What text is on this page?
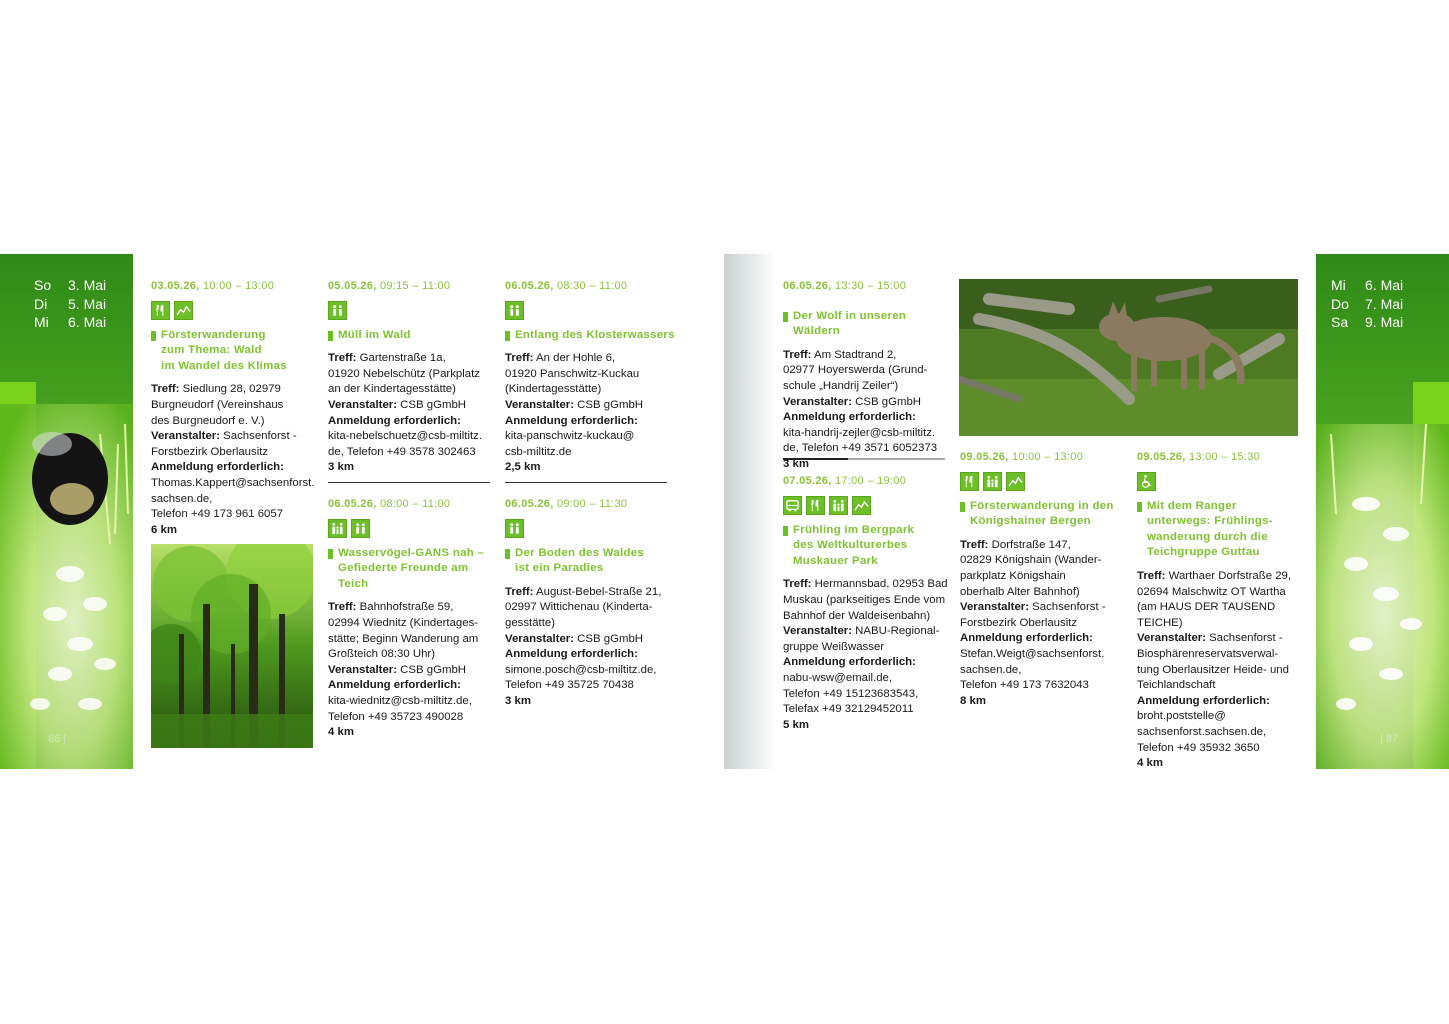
So	3. Mai
Di	5. Mai
Mi	6. Mai
86 |
Mi	6. Mai
Do	7. Mai
Sa	9. Mai
| 87
03.05.26, 10:00 – 13:00
Försterwanderung
zum Thema: Wald
im Wandel des Klimas
Treff: Siedlung 28, 02979
Burgneudorf (Vereinshaus
des Burgneudorf e. V.)
Veranstalter: Sachsenforst -
Forstbezirk Oberlausitz
Anmeldung erforderlich:
Thomas.Kappert@sachsenforst.
sachsen.de,
Telefon +49 173 961 6057
6 km
05.05.26, 09:15 – 11:00
Müll im Wald
Treff: Gartenstraße 1a,
01920 Nebelschütz (Parkplatz
an der Kindertagesstätte)
Veranstalter: CSB gGmbH
Anmeldung erforderlich:
kita-nebelschuetz@csb-miltitz.
de, Telefon +49 3578 302463
3 km
06.05.26, 08:30 – 11:00
Entlang des Klosterwassers
Treff: An der Hohle 6,
01920 Panschwitz-Kuckau
(Kindertagesstätte)
Veranstalter: CSB gGmbH
Anmeldung erforderlich:
kita-panschwitz-kuckau@
csb-miltitz.de
2,5 km
06.05.26, 08:00 – 11:00
Wasservögel-GANS nah –
Gefiederte Freunde am Teich
Treff: Bahnhofstraße 59,
02994 Wiednitz (Kindertages-
stätte; Beginn Wanderung am
Großteich 08:30 Uhr)
Veranstalter: CSB gGmbH
Anmeldung erforderlich:
kita-wiednitz@csb-miltitz.de,
Telefon +49 35723 490028
4 km
06.05.26, 09:00 – 11:30
Der Boden des Waldes
ist ein Paradies
Treff: August-Bebel-Straße 21,
02997 Wittichenau (Kinderta-
gesstätte)
Veranstalter: CSB gGmbH
Anmeldung erforderlich:
simone.posch@csb-miltitz.de,
Telefon +49 35725 70438
3 km
06.05.26, 13:30 – 15:00
Der Wolf in unseren Wäldern
Treff: Am Stadtrand 2,
02977 Hoyerswerda (Grund-
schule „Handrij Zeiler“)
Veranstalter: CSB gGmbH
Anmeldung erforderlich:
kita-handrij-zejler@csb-miltitz.
de, Telefon +49 3571 6052373
3 km
07.05.26, 17:00 – 19:00
Frühling im Bergpark
des Weltkulturerbes
Muskauer Park
Treff: Hermannsbad, 02953 Bad
Muskau (parkseitiges Ende vom
Bahnhof der Waldeisenbahn)
Veranstalter: NABU-Regional-
gruppe Weißwasser
Anmeldung erforderlich:
nabu-wsw@email.de,
Telefon +49 15123683543,
Telefax +49 32129452011
5 km
09.05.26, 10:00 – 13:00
Försterwanderung in den
Königshainer Bergen
Treff: Dorfstraße 147,
02829 Königshain (Wander-
parkplatz Königshain
oberhalb Alter Bahnhof)
Veranstalter: Sachsenforst -
Forstbezirk Oberlausitz
Anmeldung erforderlich:
Stefan.Weigt@sachsenforst.
sachsen.de,
Telefon +49 173 7632043
8 km
09.05.26, 13:00 – 15:30
Mit dem Ranger
unterwegs: Frühlings-
wanderung durch die
Teichgruppe Guttau
Treff: Warthaer Dorfstraße 29,
02694 Malschwitz OT Wartha
(am HAUS DER TAUSEND TEICHE)
Veranstalter: Sachsenforst -
Biosphärenreservatsverwal-
tung Oberlausitzer Heide- und
Teichlandschaft
Anmeldung erforderlich:
broht.poststelle@
sachsenforst.sachsen.de,
Telefon +49 35932 3650
4 km
